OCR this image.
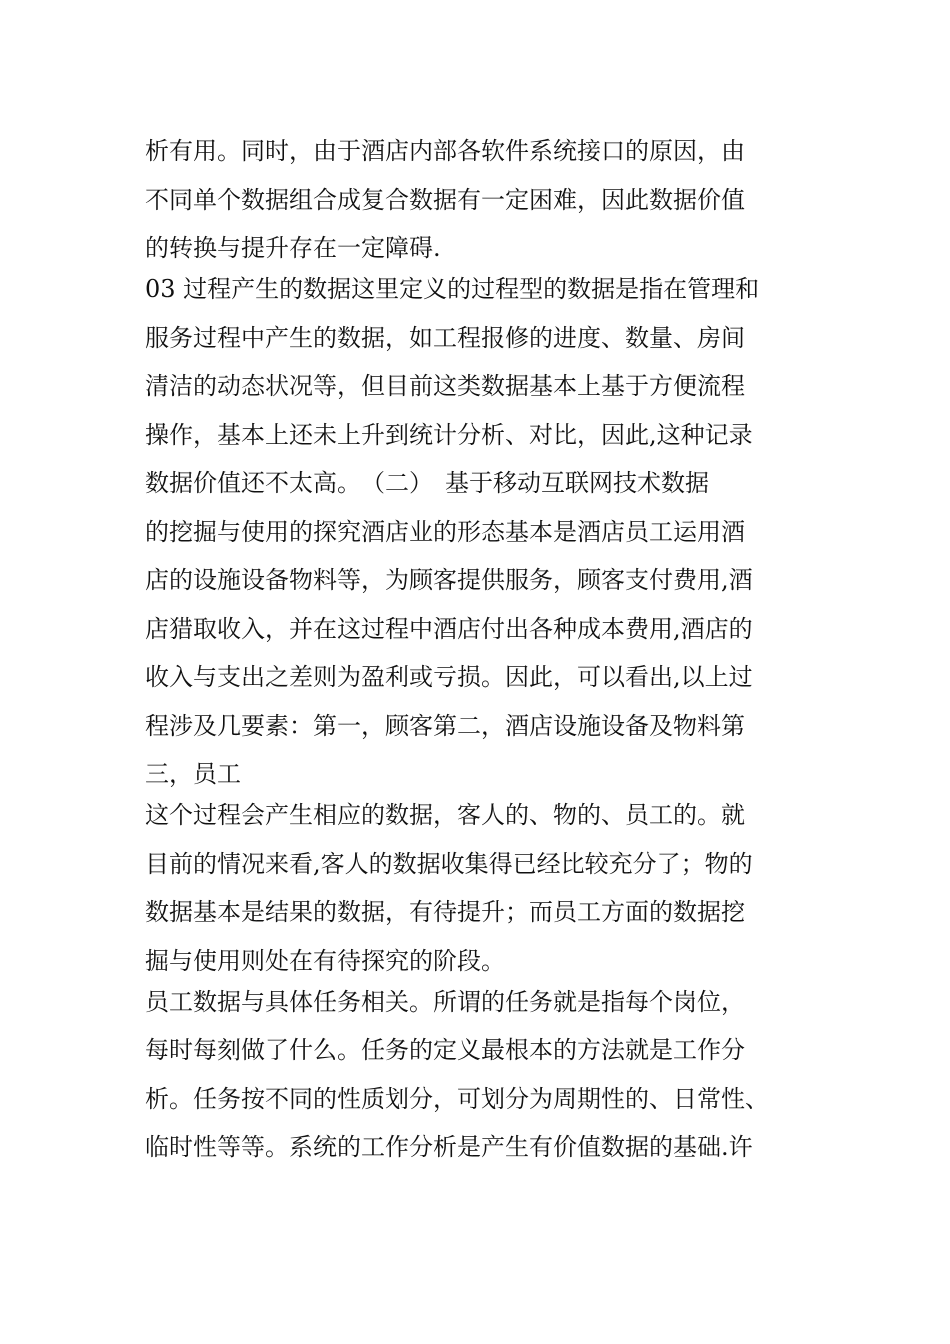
析有用。同时，由于酒店内部各软件系统接口的原因，由
不同单个数据组合成复合数据有一定困难，因此数据价值
的转换与提升存在一定障碍.
03 过程产生的数据这里定义的过程型的数据是指在管理和
服务过程中产生的数据，如工程报修的进度、数量、房间
清洁的动态状况等，但目前这类数据基本上基于方便流程
操作，基本上还未上升到统计分析、对比，因此,这种记录
数据价值还不太高。　（二）　基于移动互联网技术数据
的挖掘与使用的探究酒店业的形态基本是酒店员工运用酒
店的设施设备物料等，为顾客提供服务，顾客支付费用,酒
店猎取收入，并在这过程中酒店付出各种成本费用,酒店的
收入与支出之差则为盈利或亏损。因此，可以看出,以上过
程涉及几要素：第一，顾客第二，酒店设施设备及物料第
三，员工
这个过程会产生相应的数据，客人的、物的、员工的。就
目前的情况来看,客人的数据收集得已经比较充分了；物的
数据基本是结果的数据，有待提升；而员工方面的数据挖
掘与使用则处在有待探究的阶段。
员工数据与具体任务相关。所谓的任务就是指每个岗位，
每时每刻做了什么。任务的定义最根本的方法就是工作分
析。任务按不同的性质划分，可划分为周期性的、日常性、
临时性等等。系统的工作分析是产生有价值数据的基础.许
